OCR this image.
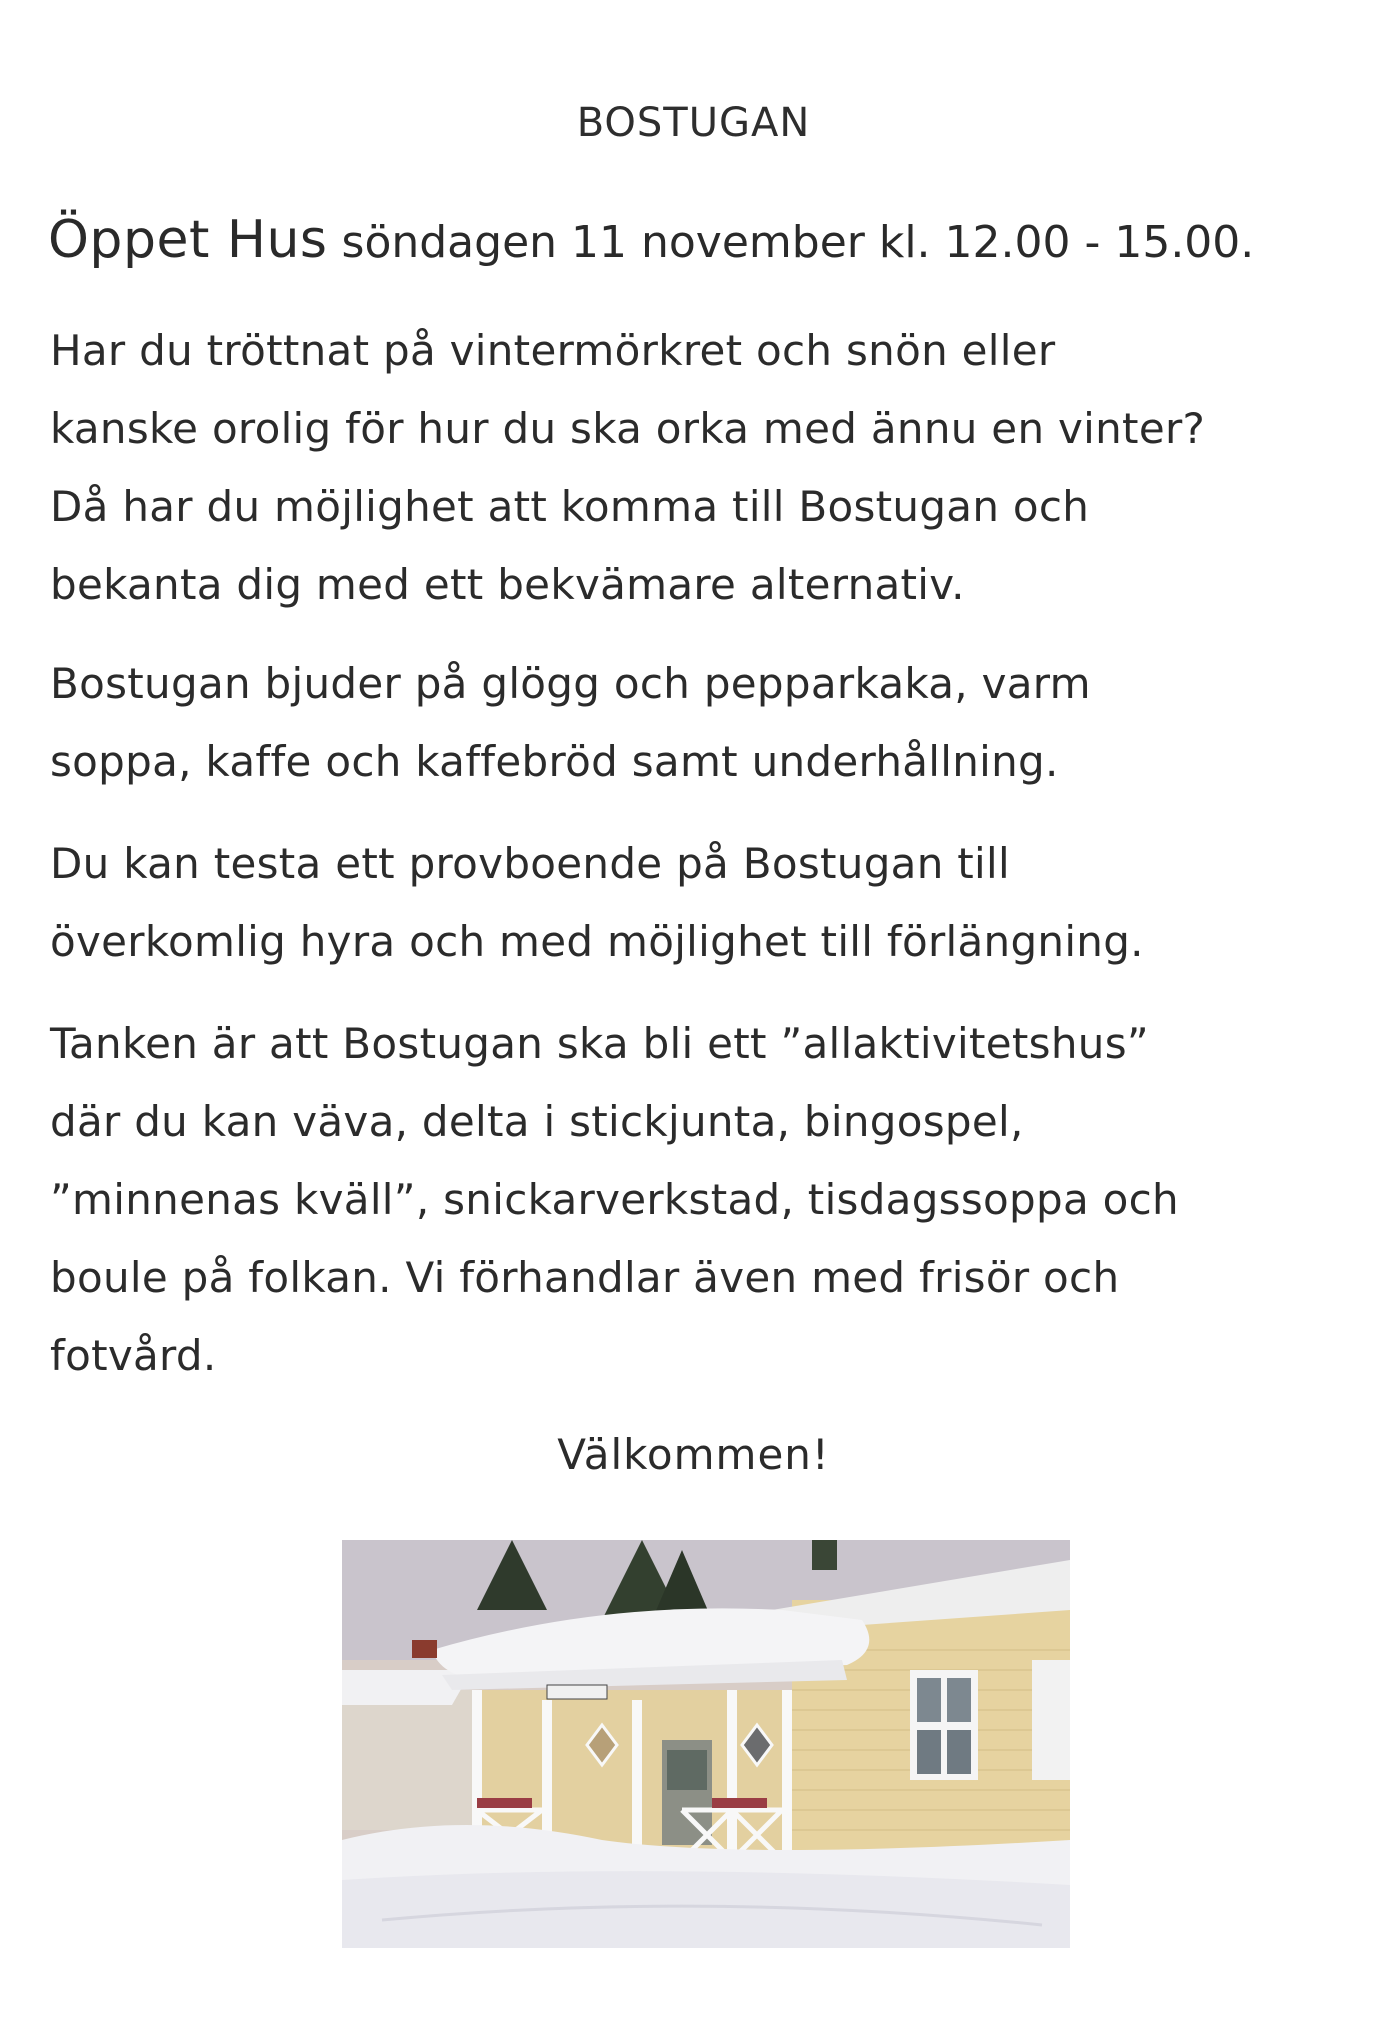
BOSTUGAN
Öppet Hus söndagen 11 november kl. 12.00 - 15.00.
Har du tröttnat på vintermörkret och snön eller
kanske orolig för hur du ska orka med ännu en vinter?
Då har du möjlighet att komma till Bostugan och
bekanta dig med ett bekvämare alternativ.
Bostugan bjuder på glögg och pepparkaka, varm
soppa, kaffe och kaffebröd samt underhållning.
Du kan testa ett provboende på Bostugan till
överkomlig hyra och med möjlighet till förlängning.
Tanken är att Bostugan ska bli ett ”allaktivitetshus”
där du kan väva, delta i stickjunta, bingospel,
”minnenas kväll”, snickarverkstad, tisdagssoppa och
boule på folkan. Vi förhandlar även med frisör och
fotvård.
Välkommen!
